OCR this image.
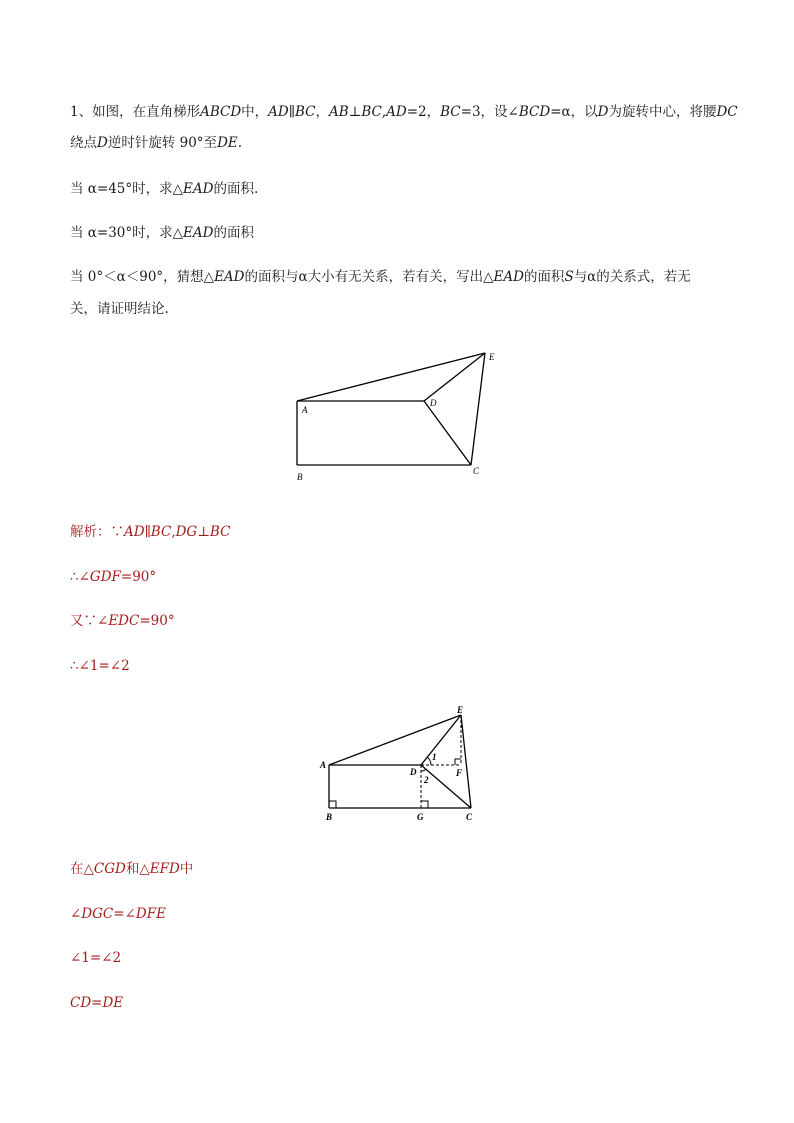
1、如图，在直角梯形ABCD中，AD∥BC，AB⊥BC,AD=2，BC=3，设∠BCD=α，以D为旋转中心，将腰DC
绕点D逆时针旋转 90°至DE.
当 α=45°时，求△EAD的面积.
当 α=30°时，求△EAD的面积
当 0°＜α＜90°，猜想△EAD的面积与α大小有无关系，若有关，写出△EAD的面积S与α的关系式，若无
关，请证明结论.
A
B
C
D
E
解析：∵AD∥BC,DG⊥BC
∴∠GDF=90°
又∵∠EDC=90°
∴∠1=∠2
A
B	C
D
E
F
G
1
2
在△CGD和△EFD中
∠DGC=∠DFE
∠1=∠2
CD=DE
